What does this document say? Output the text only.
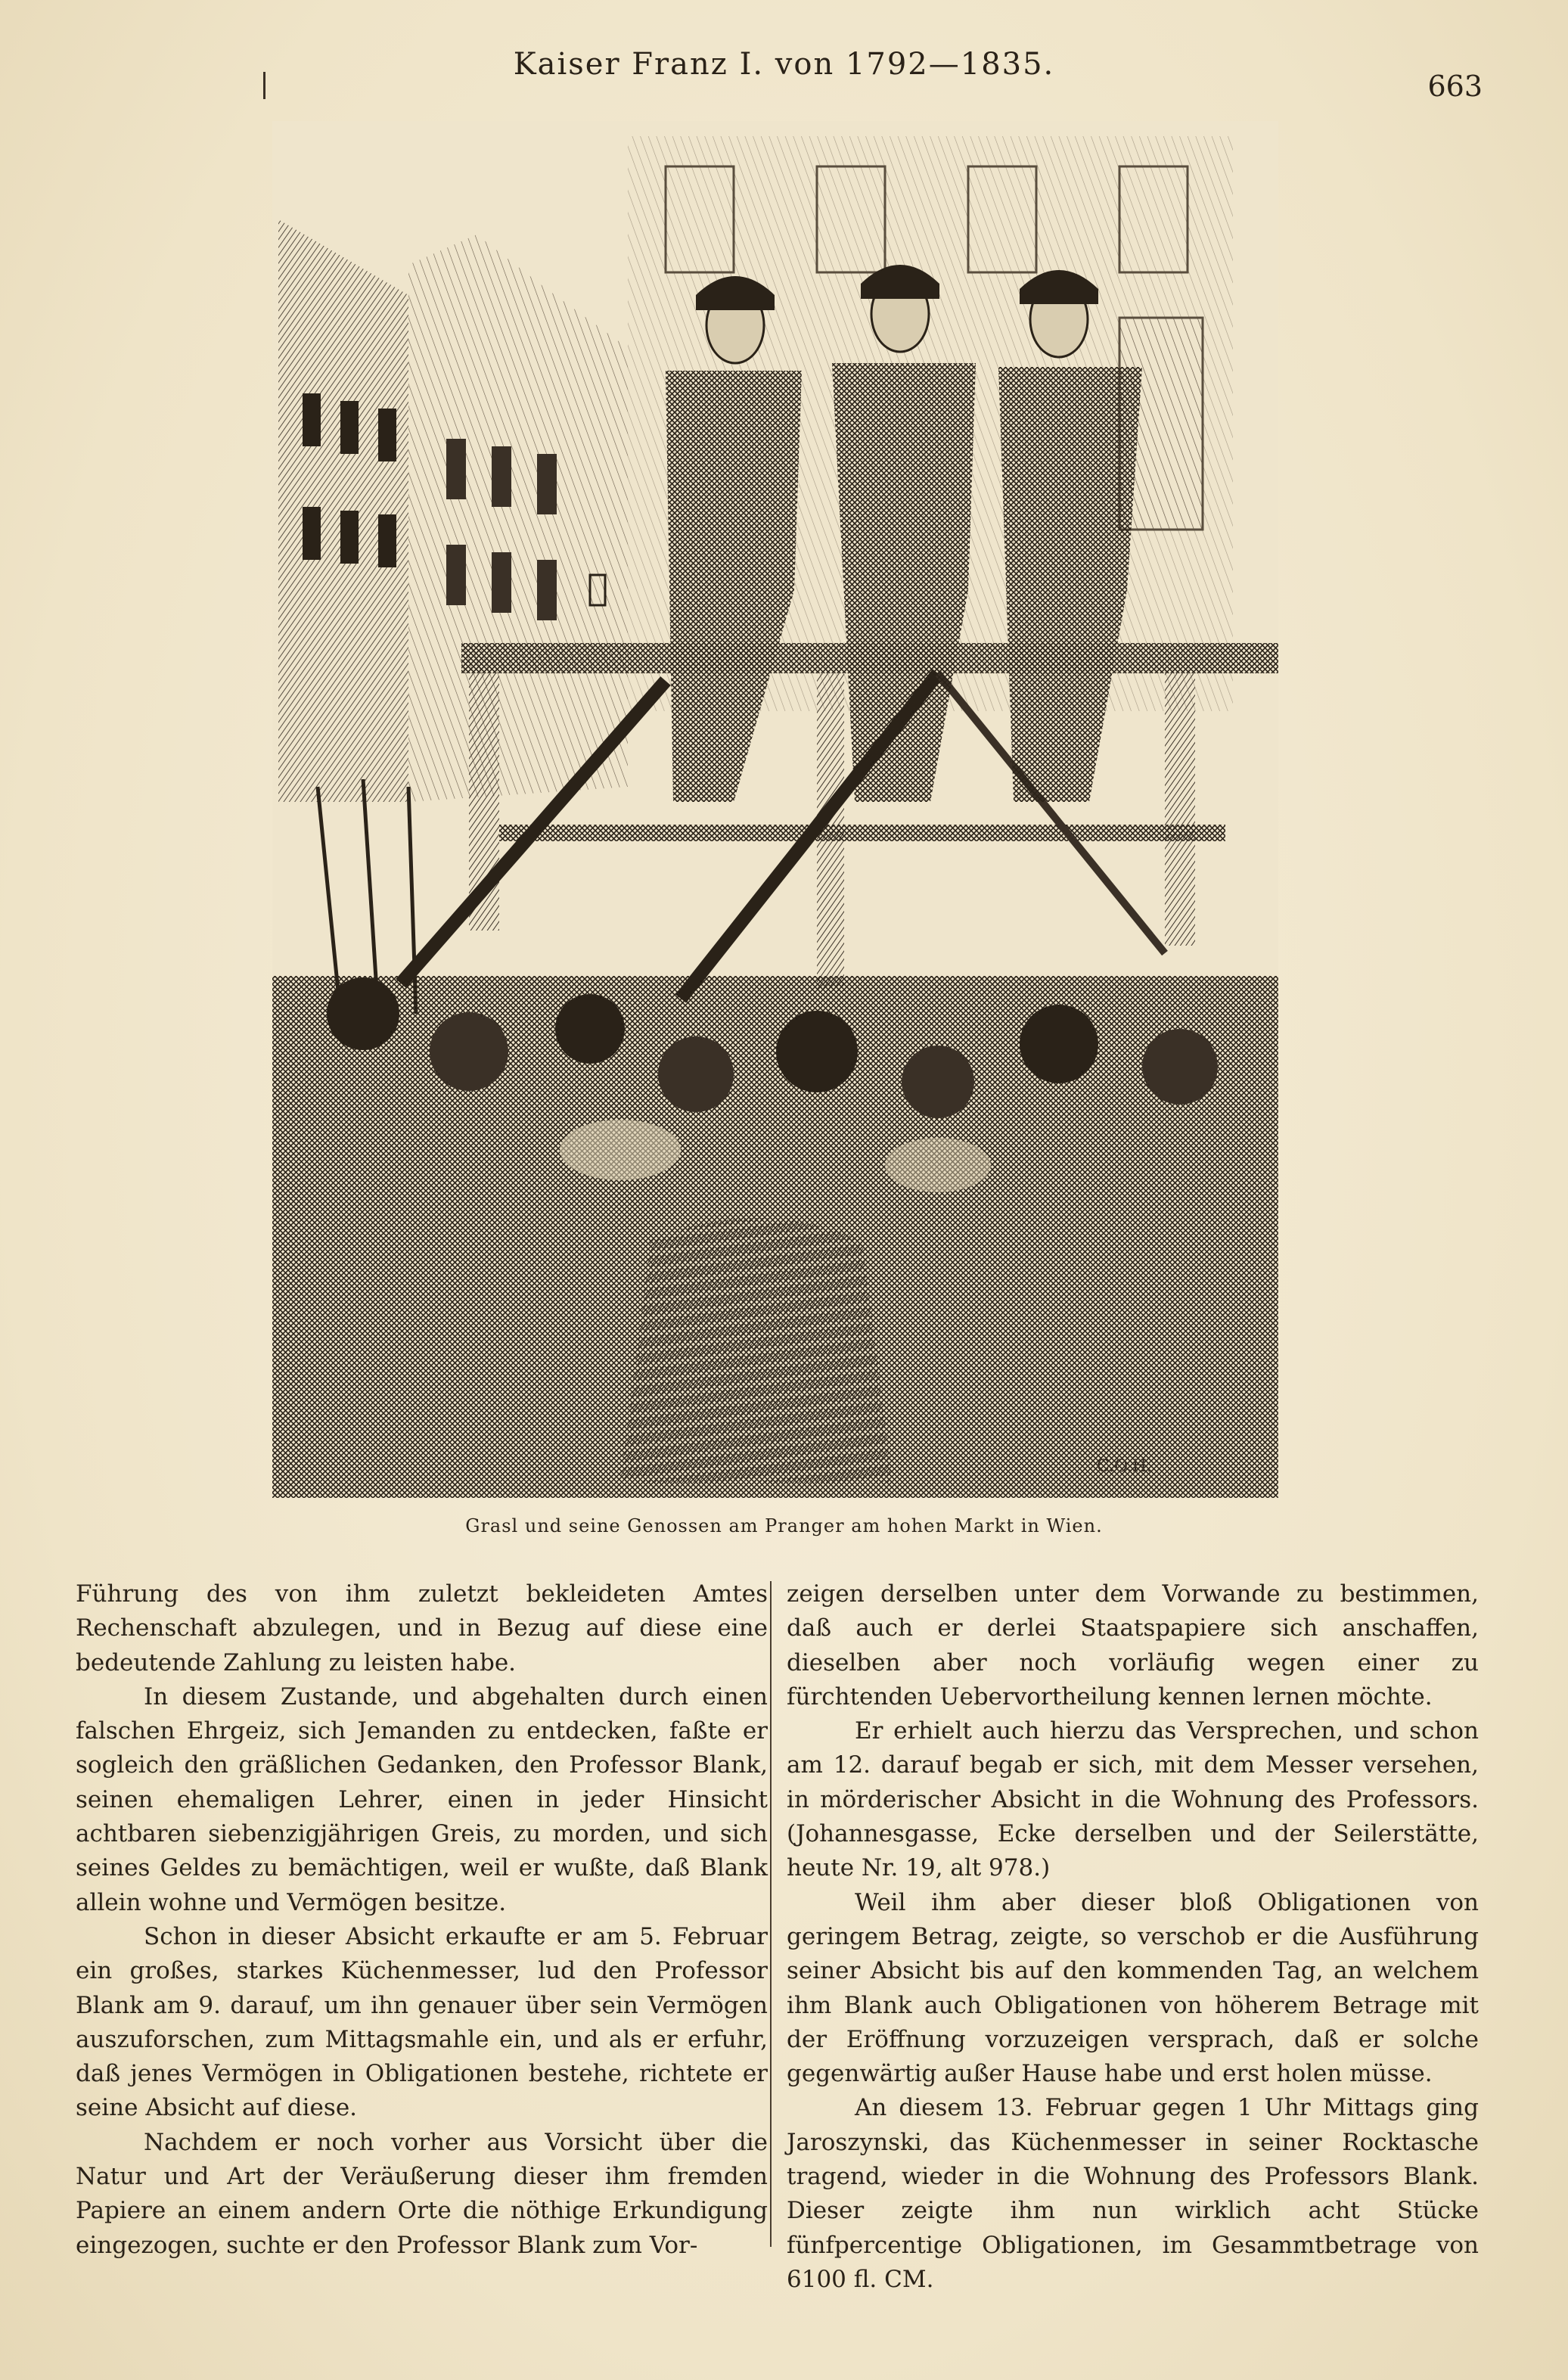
Kaiser Franz I. von 1792—1835.
663
C.O.H.
Grasl und seine Genossen am Pranger am hohen Markt in Wien.

Führung des von ihm zuletzt bekleideten Amtes Rechenschaft abzulegen, und in Bezug auf diese eine bedeutende Zahlung zu leisten habe.

In diesem Zustande, und abgehalten durch einen falschen Ehrgeiz, sich Jemanden zu entdecken, faßte er sogleich den gräßlichen Gedanken, den Professor Blank, seinen ehemaligen Lehrer, einen in jeder Hinsicht achtbaren siebenzigjährigen Greis, zu morden, und sich seines Geldes zu bemächtigen, weil er wußte, daß Blank allein wohne und Vermögen besitze.

Schon in dieser Absicht erkaufte er am 5. Februar ein großes, starkes Küchenmesser, lud den Professor Blank am 9. darauf, um ihn genauer über sein Vermögen auszuforschen, zum Mittagsmahle ein, und als er erfuhr, daß jenes Vermögen in Obligationen bestehe, richtete er seine Absicht auf diese.

Nachdem er noch vorher aus Vorsicht über die Natur und Art der Veräußerung dieser ihm fremden Papiere an einem andern Orte die nöthige Erkundigung eingezogen, suchte er den Professor Blank zum Vor-

zeigen derselben unter dem Vorwande zu bestimmen, daß auch er derlei Staatspapiere sich anschaffen, dieselben aber noch vorläufig wegen einer zu fürchtenden Uebervortheilung kennen lernen möchte.

Er erhielt auch hierzu das Versprechen, und schon am 12. darauf begab er sich, mit dem Messer versehen, in mörderischer Absicht in die Wohnung des Professors. (Johannesgasse, Ecke derselben und der Seilerstätte, heute Nr. 19, alt 978.)

Weil ihm aber dieser bloß Obligationen von geringem Betrag, zeigte, so verschob er die Ausführung seiner Absicht bis auf den kommenden Tag, an welchem ihm Blank auch Obligationen von höherem Betrage mit der Eröffnung vorzuzeigen versprach, daß er solche gegenwärtig außer Hause habe und erst holen müsse.

An diesem 13. Februar gegen 1 Uhr Mittags ging Jaroszynski, das Küchenmesser in seiner Rocktasche tragend, wieder in die Wohnung des Professors Blank. Dieser zeigte ihm nun wirklich acht Stücke fünfpercentige Obligationen, im Gesammtbetrage von 6100 fl. CM.
